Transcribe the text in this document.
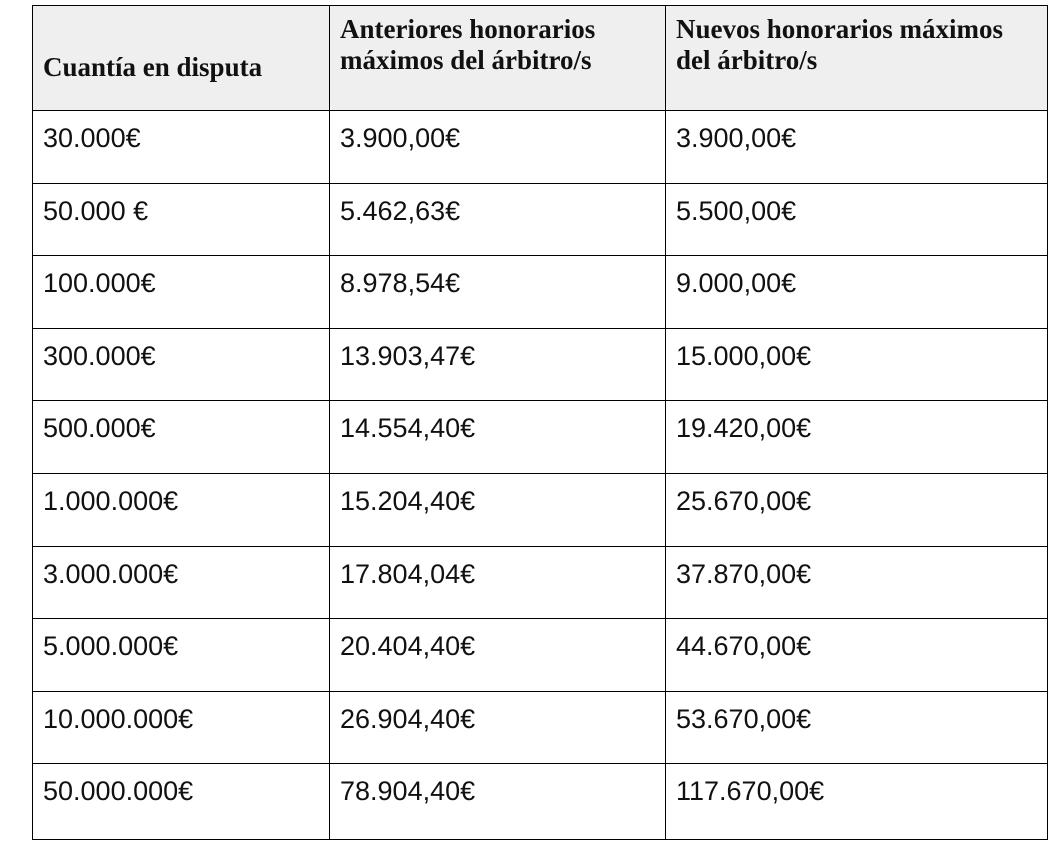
Cuantía en disputa	Anteriores honorarios máximos del árbitro/s	Nuevos honorarios máximos del árbitro/s

30.000€	3.900,00€	3.900,00€

50.000 €	5.462,63€	5.500,00€

100.000€	8.978,54€	9.000,00€

300.000€	13.903,47€	15.000,00€

500.000€	14.554,40€	19.420,00€

1.000.000€	15.204,40€	25.670,00€

3.000.000€	17.804,04€	37.870,00€

5.000.000€	20.404,40€	44.670,00€

10.000.000€	26.904,40€	53.670,00€

50.000.000€	78.904,40€	117.670,00€
